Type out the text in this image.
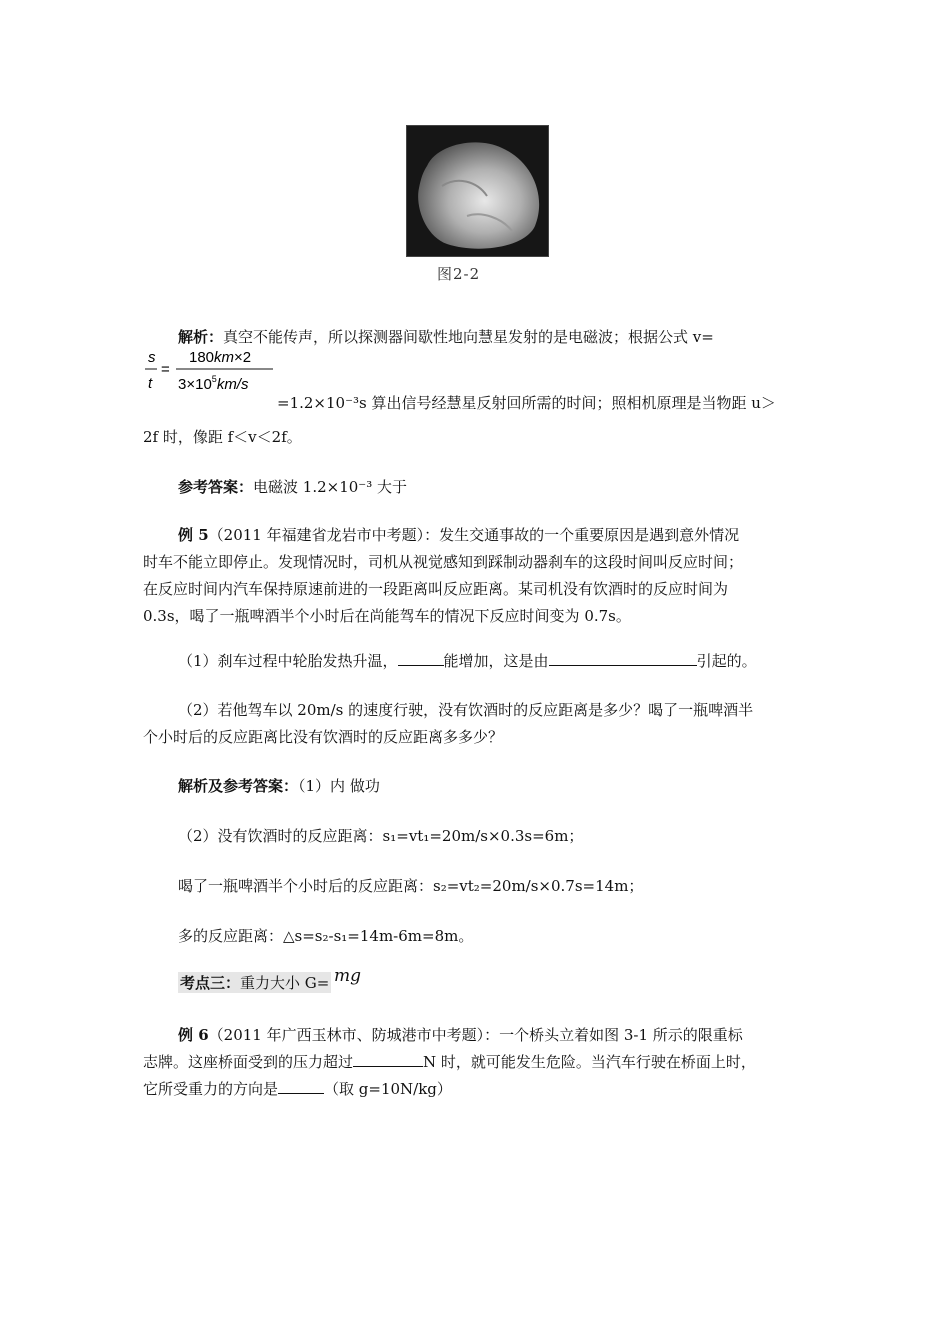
图2-2
解析：真空不能传声，所以探测器间歇性地向慧星发射的是电磁波；根据公式 v=
s
t
=
180km×2
$3\times 10^5km/s$
=1.2×10⁻³s 算出信号经慧星反射回所需的时间；照相机原理是当物距 u＞
2f 时，像距 f＜v＜2f。
参考答案：电磁波 1.2×10⁻³ 大于
例 5（2011 年福建省龙岩市中考题）：发生交通事故的一个重要原因是遇到意外情况
时车不能立即停止。发现情况时，司机从视觉感知到踩制动器刹车的这段时间叫反应时间；
在反应时间内汽车保持原速前进的一段距离叫反应距离。某司机没有饮酒时的反应时间为
0.3s，喝了一瓶啤酒半个小时后在尚能驾车的情况下反应时间变为 0.7s。
（1）刹车过程中轮胎发热升温，	能增加，这是由	引起的。
（2）若他驾车以 20m/s 的速度行驶，没有饮酒时的反应距离是多少？喝了一瓶啤酒半
个小时后的反应距离比没有饮酒时的反应距离多多少？
解析及参考答案：（1）内 做功
（2）没有饮酒时的反应距离：s₁=vt₁=20m/s×0.3s=6m；
喝了一瓶啤酒半个小时后的反应距离：s₂=vt₂=20m/s×0.7s=14m；
多的反应距离：△s=s₂-s₁=14m-6m=8m。
考点三：重力大小 G= mg
例 6（2011 年广西玉林市、防城港市中考题）：一个桥头立着如图 3-1 所示的限重标
志牌。这座桥面受到的压力超过	N 时，就可能发生危险。当汽车行驶在桥面上时，
它所受重力的方向是	（取 g=10N/kg）
